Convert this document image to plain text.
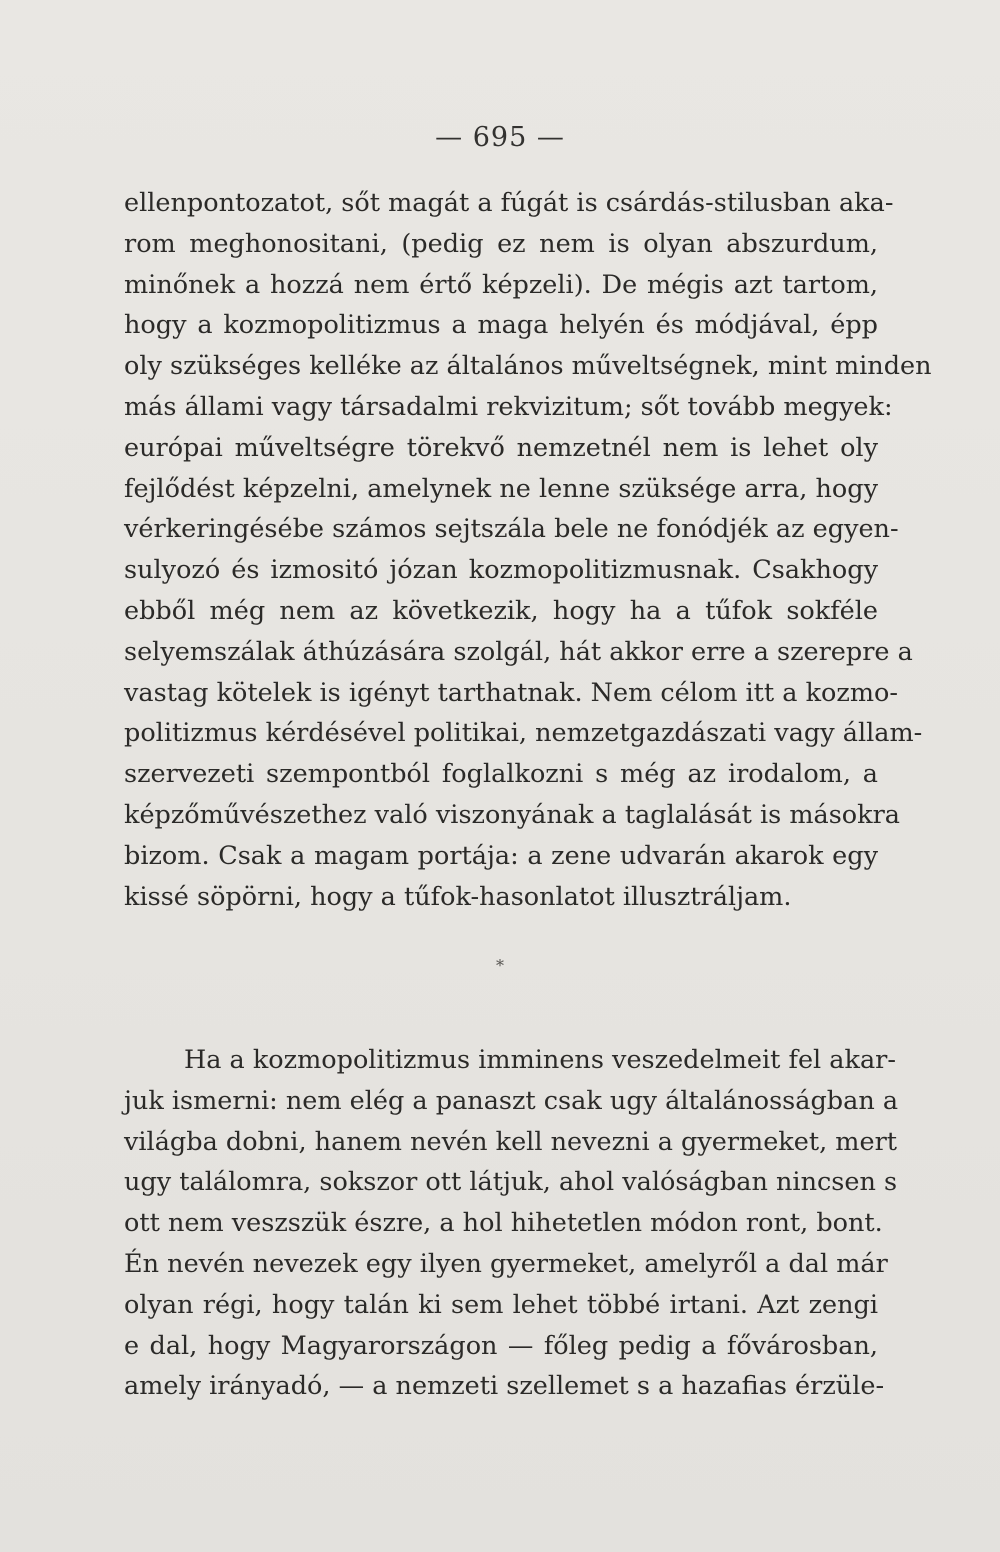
— 695 —
ellenpontozatot, sőt magát a fúgát is csárdás-stilusban aka-
rom meghonositani, (pedig ez nem is olyan abszurdum,
minőnek a hozzá nem értő képzeli). De mégis azt tartom,
hogy a kozmopolitizmus a maga helyén és módjával, épp
oly szükséges kelléke az általános műveltségnek, mint minden
más állami vagy társadalmi rekvizitum; sőt tovább megyek:
európai műveltségre törekvő nemzetnél nem is lehet oly
fejlődést képzelni, amelynek ne lenne szüksége arra, hogy
vérkeringésébe számos sejtszála bele ne fonódjék az egyen-
sulyozó és izmositó józan kozmopolitizmusnak. Csakhogy
ebből még nem az következik, hogy ha a tűfok sokféle
selyemszálak áthúzására szolgál, hát akkor erre a szerepre a
vastag kötelek is igényt tarthatnak. Nem célom itt a kozmo-
politizmus kérdésével politikai, nemzetgazdászati vagy állam-
szervezeti szempontból foglalkozni s még az irodalom, a
képzőművészethez való viszonyának a taglalását is másokra
bizom. Csak a magam portája: a zene udvarán akarok egy
kissé söpörni, hogy a tűfok-hasonlatot illusztráljam.
*
Ha a kozmopolitizmus imminens veszedelmeit fel akar-
juk ismerni: nem elég a panaszt csak ugy általánosságban a
világba dobni, hanem nevén kell nevezni a gyermeket, mert
ugy találomra, sokszor ott látjuk, ahol valóságban nincsen s
ott nem veszszük észre, a hol hihetetlen módon ront, bont.
Én nevén nevezek egy ilyen gyermeket, amelyről a dal már
olyan régi, hogy talán ki sem lehet többé irtani. Azt zengi
e dal, hogy Magyarországon — főleg pedig a fővárosban,
amely irányadó, — a nemzeti szellemet s a hazafias érzüle-
